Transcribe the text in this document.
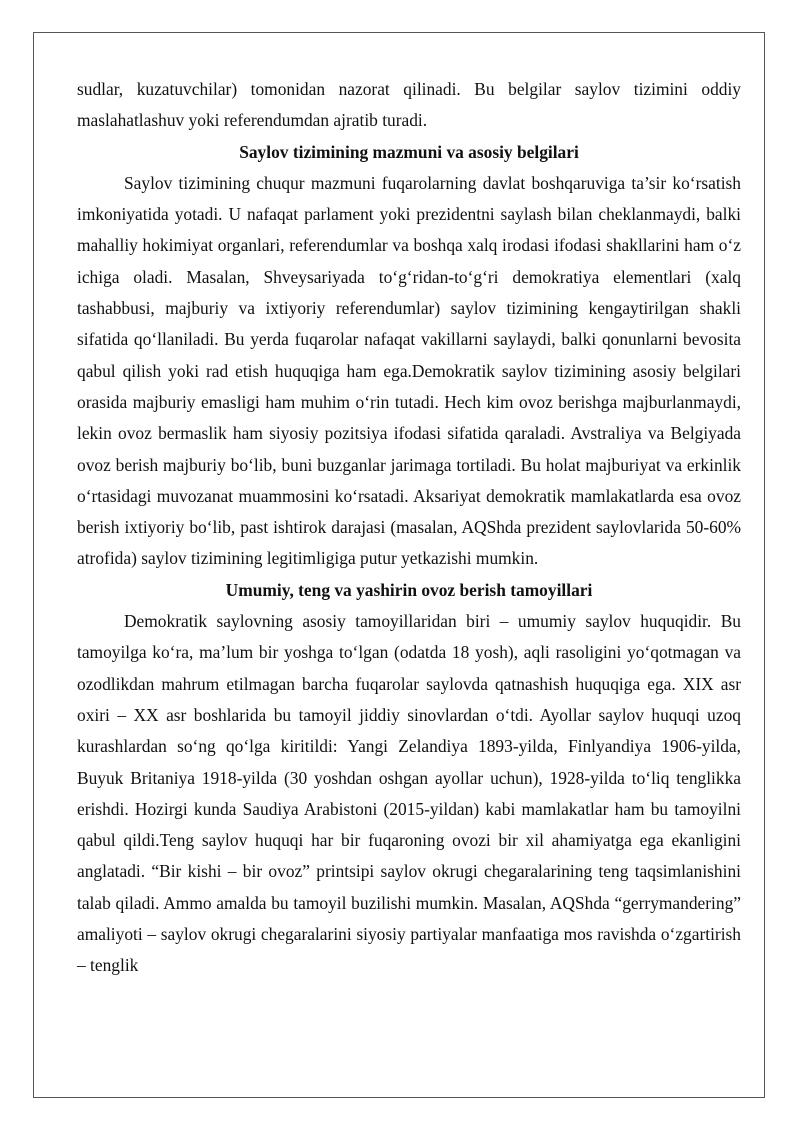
sudlar, kuzatuvchilar) tomonidan nazorat qilinadi. Bu belgilar saylov tizimini oddiy maslahatlashuv yoki referendumdan ajratib turadi.

Saylov tizimining mazmuni va asosiy belgilari

Saylov tizimining chuqur mazmuni fuqarolarning davlat boshqaruviga ta’sir ko‘rsatish imkoniyatida yotadi. U nafaqat parlament yoki prezidentni saylash bilan cheklanmaydi, balki mahalliy hokimiyat organlari, referendumlar va boshqa xalq irodasi ifodasi shakllarini ham o‘z ichiga oladi. Masalan, Shveysariyada to‘g‘ridan-to‘g‘ri demokratiya elementlari (xalq tashabbusi, majburiy va ixtiyoriy referendumlar) saylov tizimining kengaytirilgan shakli sifatida qo‘llaniladi. Bu yerda fuqarolar nafaqat vakillarni saylaydi, balki qonunlarni bevosita qabul qilish yoki rad etish huquqiga ham ega.Demokratik saylov tizimining asosiy belgilari orasida majburiy emasligi ham muhim o‘rin tutadi. Hech kim ovoz berishga majburlanmaydi, lekin ovoz bermaslik ham siyosiy pozitsiya ifodasi sifatida qaraladi. Avstraliya va Belgiyada ovoz berish majburiy bo‘lib, buni buzganlar jarimaga tortiladi. Bu holat majburiyat va erkinlik o‘rtasidagi muvozanat muammosini ko‘rsatadi. Aksariyat demokratik mamlakatlarda esa ovoz berish ixtiyoriy bo‘lib, past ishtirok darajasi (masalan, AQShda prezident saylovlarida 50-60% atrofida) saylov tizimining legitimligiga putur yetkazishi mumkin.

Umumiy, teng va yashirin ovoz berish tamoyillari

Demokratik saylovning asosiy tamoyillaridan biri – umumiy saylov huquqidir. Bu tamoyilga ko‘ra, ma’lum bir yoshga to‘lgan (odatda 18 yosh), aqli rasoligini yo‘qotmagan va ozodlikdan mahrum etilmagan barcha fuqarolar saylovda qatnashish huquqiga ega. XIX asr oxiri – XX asr boshlarida bu tamoyil jiddiy sinovlardan o‘tdi. Ayollar saylov huquqi uzoq kurashlardan so‘ng qo‘lga kiritildi: Yangi Zelandiya 1893-yilda, Finlyandiya 1906-yilda, Buyuk Britaniya 1918-yilda (30 yoshdan oshgan ayollar uchun), 1928-yilda to‘liq tenglikka erishdi. Hozirgi kunda Saudiya Arabistoni (2015-yildan) kabi mamlakatlar ham bu tamoyilni qabul qildi.Teng saylov huquqi har bir fuqaroning ovozi bir xil ahamiyatga ega ekanligini anglatadi. “Bir kishi – bir ovoz” printsipi saylov okrugi chegaralarining teng taqsimlanishini talab qiladi. Ammo amalda bu tamoyil buzilishi mumkin. Masalan, AQShda “gerrymandering” amaliyoti – saylov okrugi chegaralarini siyosiy partiyalar manfaatiga mos ravishda o‘zgartirish – tenglik
